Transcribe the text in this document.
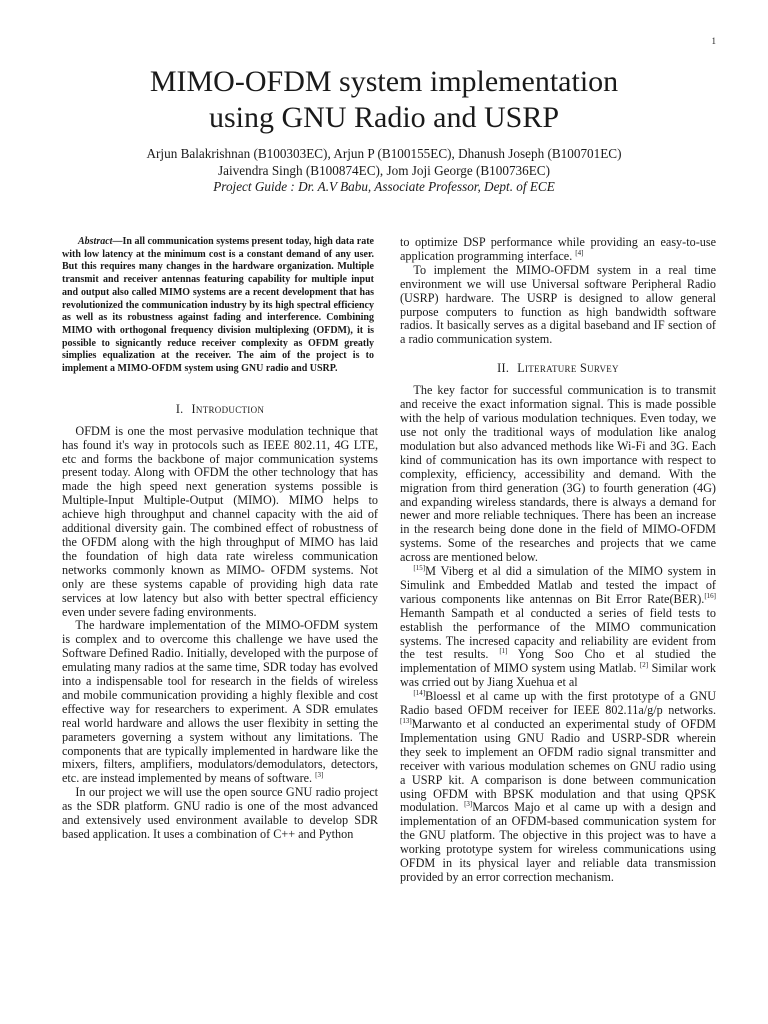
1
MIMO-OFDM system implementation
using GNU Radio and USRP
Arjun Balakrishnan (B100303EC), Arjun P (B100155EC), Dhanush Joseph (B100701EC)
Jaivendra Singh (B100874EC), Jom Joji George (B100736EC)
Project Guide : Dr. A.V Babu, Associate Professor, Dept. of ECE

Abstract—In all communication systems present today, high data rate with low latency at the minimum cost is a constant demand of any user. But this requires many changes in the hardware organization. Multiple transmit and receiver antennas featuring capability for multiple input and output also called MIMO systems are a recent development that has revolutionized the communication industry by its high spectral efficiency as well as its robustness against fading and interference. Combining MIMO with orthogonal frequency division multiplexing (OFDM), it is possible to signicantly reduce receiver complexity as OFDM greatly simplies equalization at the receiver. The aim of the project is to implement a MIMO-OFDM system using GNU radio and USRP.

I. Introduction

OFDM is one the most pervasive modulation technique that has found it's way in protocols such as IEEE 802.11, 4G LTE, etc and forms the backbone of major communication systems present today. Along with OFDM the other technology that has made the high speed next generation systems possible is Multiple-Input Multiple-Output (MIMO). MIMO helps to achieve high throughput and channel capacity with the aid of additional diversity gain. The combined effect of robustness of the OFDM along with the high throughput of MIMO has laid the foundation of high data rate wireless communication networks commonly known as MIMO- OFDM systems. Not only are these systems capable of providing high data rate services at low latency but also with better spectral efficiency even under severe fading environments.

The hardware implementation of the MIMO-OFDM system is complex and to overcome this challenge we have used the Software Defined Radio. Initially, developed with the purpose of emulating many radios at the same time, SDR today has evolved into a indispensable tool for research in the fields of wireless and mobile communication providing a highly flexible and cost effective way for researchers to experiment. A SDR emulates real world hardware and allows the user flexibity in setting the parameters governing a system without any limitations. The components that are typically implemented in hardware like the mixers, filters, amplifiers, modulators/demodulators, detectors, etc. are instead implemented by means of software. [3]

In our project we will use the open source GNU radio project as the SDR platform. GNU radio is one of the most advanced and extensively used environment available to develop SDR based application. It uses a combination of C++ and Python

to optimize DSP performance while providing an easy-to-use application programming interface. [4]

To implement the MIMO-OFDM system in a real time environment we will use Universal software Peripheral Radio (USRP) hardware. The USRP is designed to allow general purpose computers to function as high bandwidth software radios. It basically serves as a digital baseband and IF section of a radio communication system.

II. Literature Survey

The key factor for successful communication is to transmit and receive the exact information signal. This is made possible with the help of various modulation techniques. Even today, we use not only the traditional ways of modulation like analog modulation but also advanced methods like Wi-Fi and 3G. Each kind of communication has its own importance with respect to complexity, efficiency, accessibility and demand. With the migration from third generation (3G) to fourth generation (4G) and expanding wireless standards, there is always a demand for newer and more reliable techniques. There has been an increase in the research being done done in the field of MIMO-OFDM systems. Some of the researches and projects that we came across are mentioned below.

[15]M Viberg et al did a simulation of the MIMO system in Simulink and Embedded Matlab and tested the impact of various components like antennas on Bit Error Rate(BER).[16] Hemanth Sampath et al conducted a series of field tests to establish the performance of the MIMO communication systems. The incresed capacity and reliability are evident from the test results. [1] Yong Soo Cho et al studied the implementation of MIMO system using Matlab. [2] Similar work was crried out by Jiang Xuehua et al

[14]Bloessl et al came up with the first prototype of a GNU Radio based OFDM receiver for IEEE 802.11a/g/p networks. [13]Marwanto et al conducted an experimental study of OFDM Implementation using GNU Radio and USRP-SDR wherein they seek to implement an OFDM radio signal transmitter and receiver with various modulation schemes on GNU radio using a USRP kit. A comparison is done between communication using OFDM with BPSK modulation and that using QPSK modulation. [3]Marcos Majo et al came up with a design and implementation of an OFDM-based communication system for the GNU platform. The objective in this project was to have a working prototype system for wireless communications using OFDM in its physical layer and reliable data transmission provided by an error correction mechanism.
